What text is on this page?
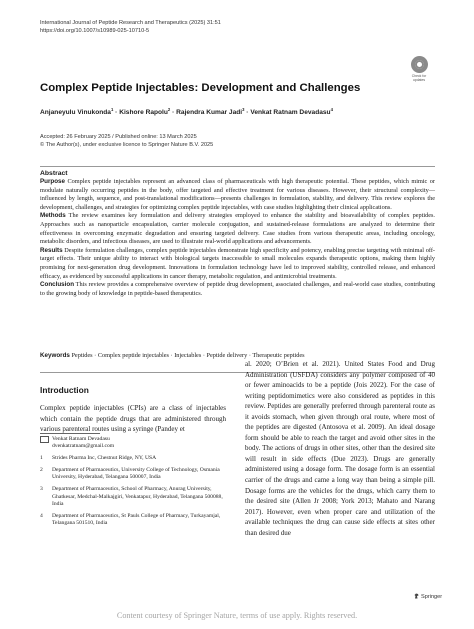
International Journal of Peptide Research and Therapeutics (2025) 31:51
https://doi.org/10.1007/s10989-025-10710-5
Check for updates
Complex Peptide Injectables: Development and Challenges
Anjaneyulu Vinukonda$^1$ · Kishore Rapolu$^2$ · Rajendra Kumar Jadi$^3$ · Venkat Ratnam Devadasu$^4$
Accepted: 26 February 2025 / Published online: 13 March 2025
© The Author(s), under exclusive licence to Springer Nature B.V. 2025
Abstract

Purpose Complex peptide injectables represent an advanced class of pharmaceuticals with high therapeutic potential. These peptides, which mimic or modulate naturally occurring peptides in the body, offer targeted and effective treatment for various diseases. However, their structural complexity—influenced by length, sequence, and post-translational modifications—presents challenges in formulation, stability, and delivery. This review explores the development, challenges, and strategies for optimizing complex peptide injectables, with case studies highlighting their clinical applications.

Methods The review examines key formulation and delivery strategies employed to enhance the stability and bioavailability of complex peptides. Approaches such as nanoparticle encapsulation, carrier molecule conjugation, and sustained-release formulations are analyzed to determine their effectiveness in overcoming enzymatic degradation and ensuring targeted delivery. Case studies from various therapeutic areas, including oncology, metabolic disorders, and infectious diseases, are used to illustrate real-world applications and advancements.

Results Despite formulation challenges, complex peptide injectables demonstrate high specificity and potency, enabling precise targeting with minimal off-target effects. Their unique ability to interact with biological targets inaccessible to small molecules expands therapeutic options, making them highly promising for next-generation drug development. Innovations in formulation technology have led to improved stability, controlled release, and enhanced efficacy, as evidenced by successful applications in cancer therapy, metabolic regulation, and antimicrobial treatments.

Conclusion This review provides a comprehensive overview of peptide drug development, associated challenges, and real-world case studies, contributing to the growing body of knowledge in peptide-based therapeutics.

Keywords Peptides · Complex peptide injectables · Injectables · Peptide delivery · Therapeutic peptides
Introduction
Complex peptide injectables (CPIs) are a class of injectables which contain the peptide drugs that are administered through various parenteral routes using a syringe (Pandey et
Venkat Ratnam Devadasu
dvenkatratnam@gmail.com
1	Strides Pharma Inc, Chestnut Ridge, NY, USA
2	Department of Pharmaceutics, University College of Technology, Osmania University, Hyderabad, Telangana 500007, India
3	Department of Pharmaceutics, School of Pharmacy, Anurag University, Ghatkesar, Medchal-Malkajgiri, Venkatapur, Hyderabad, Telangana 500088, India
4	Department of Pharmaceutics, St Pauls College of Pharmacy, Turkayamjal, Telangana 501510, India
al. 2020; O’Brien et al. 2021). United States Food and Drug Administration (USFDA) considers any polymer composed of 40 or fewer aminoacids to be a peptide (Jois 2022). For the case of writing peptidomimetics were also considered as peptides in this review. Peptides are generally preferred through parenteral route as it avoids stomach, when given through oral route, where most of the peptides are digested (Antosova et al. 2009). An ideal dosage form should be able to reach the target and avoid other sites in the body. The actions of drugs in other sites, other than the desired site will result in side effects (Due 2023). Drugs are generally administered using a dosage form. The dosage form is an essential carrier of the drugs and came a long way than being a simple pill. Dosage forms are the vehicles for the drugs, which carry them to the desired site (Allen Jr 2008; York 2013; Mahato and Narang 2017). However, even when proper care and utilization of the available techniques the drug can cause side effects at sites other than desired due
Springer
Content courtesy of Springer Nature, terms of use apply. Rights reserved.
